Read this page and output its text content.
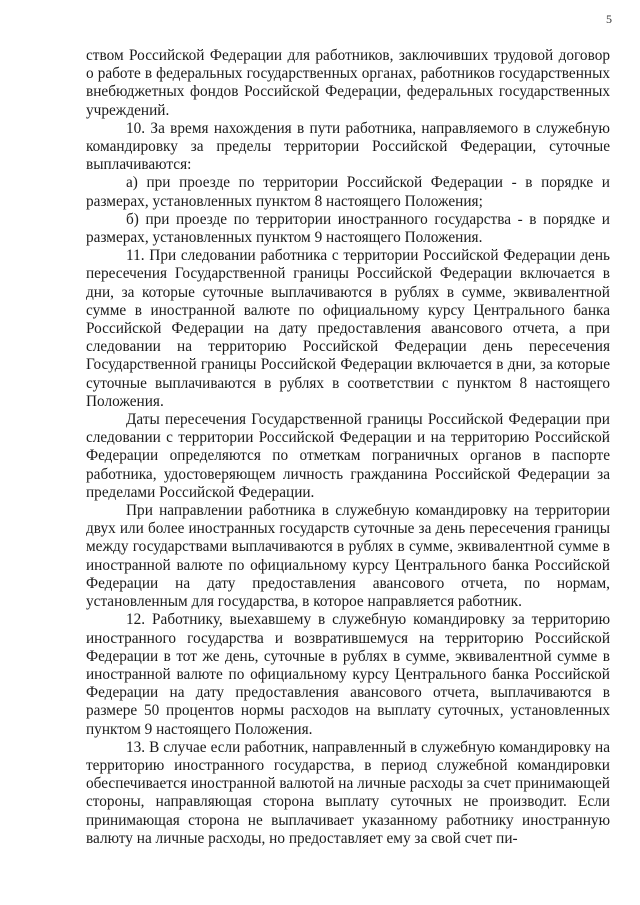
5

ством Российской Федерации для работников, заключивших трудовой договор о работе в федеральных государственных органах, работников государственных внебюджетных фондов Российской Федерации, федеральных государственных учреждений.

10. За время нахождения в пути работника, направляемого в служебную командировку за пределы территории Российской Федерации, суточные выплачиваются:

а) при проезде по территории Российской Федерации - в порядке и размерах, установленных пунктом 8 настоящего Положения;

б) при проезде по территории иностранного государства - в порядке и размерах, установленных пунктом 9 настоящего Положения.

11. При следовании работника с территории Российской Федерации день пересечения Государственной границы Российской Федерации включается в дни, за которые суточные выплачиваются в рублях в сумме, эквивалентной сумме в иностранной валюте по официальному курсу Центрального банка Российской Федерации на дату предоставления авансового отчета, а при следовании на территорию Российской Федерации день пересечения Государственной границы Российской Федерации включается в дни, за которые суточные выплачиваются в рублях в соответствии с пунктом 8 настоящего Положения.

Даты пересечения Государственной границы Российской Федерации при следовании с территории Российской Федерации и на территорию Российской Федерации определяются по отметкам пограничных органов в паспорте работника, удостоверяющем личность гражданина Российской Федерации за пределами Российской Федерации.

При направлении работника в служебную командировку на территории двух или более иностранных государств суточные за день пересечения границы между государствами выплачиваются в рублях в сумме, эквивалентной сумме в иностранной валюте по официальному курсу Центрального банка Российской Федерации на дату предоставления авансового отчета, по нормам, установленным для государства, в которое направляется работник.

12. Работнику, выехавшему в служебную командировку за территорию иностранного государства и возвратившемуся на территорию Российской Федерации в тот же день, суточные в рублях в сумме, эквивалентной сумме в иностранной валюте по официальному курсу Центрального банка Российской Федерации на дату предоставления авансового отчета, выплачиваются в размере 50 процентов нормы расходов на выплату суточных, установленных пунктом 9 настоящего Положения.

13. В случае если работник, направленный в служебную командировку на территорию иностранного государства, в период служебной командировки обеспечивается иностранной валютой на личные расходы за счет принимающей стороны, направляющая сторона выплату суточных не производит. Если принимающая сторона не выплачивает указанному работнику иностранную валюту на личные расходы, но предоставляет ему за свой счет пи-
